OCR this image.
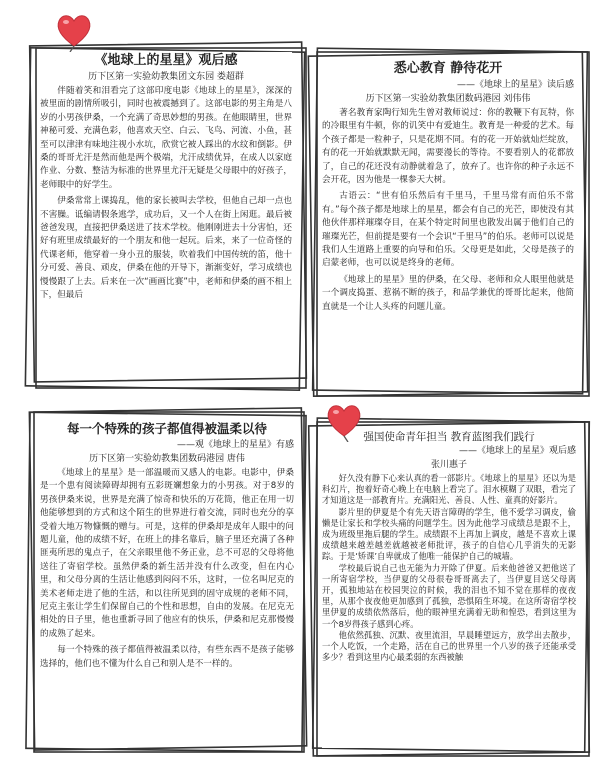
《地球上的星星》观后感

历下区第一实验幼教集团文东园 娄超群

伴随着笑和泪看完了这部印度电影《地球上的星星》，深深的被里面的剧情所吸引，同时也被震撼到了。这部电影的男主角是八岁的小男孩伊桑，一个充满了奇思妙想的男孩。在他眼睛里，世界神秘可爱、充满色彩，他喜欢天空、白云、飞鸟、河流、小鱼，甚至可以津津有味地注视小水坑，欣赏它被人踩出的水纹和倒影。伊桑的哥哥尤汗是然而他是两个极端，尤汗成绩优异，在成人以家庭作业、分数、整洁为标准的世界里尤汗无疑是父母眼中的好孩子，老师眼中的好学生。

伊桑常常上课捣乱，他的家长被叫去学校，但他自己却一点也不害臊。诋编请假条逃学，成功后，又一个人在街上闲逛。最后被爸爸发现，直接把伊桑送进了技术学校。他刚刚进去十分害怕，还好有班里成绩最好的一个朋友和他一起玩。后来，来了一位奇怪的代课老师，他穿着一身小丑的服装，吹着我们中国传统的笛，他十分可爱、善良、顽皮，伊桑在他的开导下，渐渐变好，学习成绩也慢慢跟了上去。后来在一次“画画比赛”中，老师和伊桑的画不相上下，但最后

悉心教育 静待花开

——《地球上的星星》读后感

历下区第一实验幼教集团数码港园 刘伟伟

著名教育家陶行知先生曾对教师说过：你的教鞭下有瓦特，你的冷眼里有牛顿，你的讥笑中有爱迪生。教育是一种爱的艺术。每个孩子都是一粒种子，只是花期不同。有的花一开始就灿烂绽放，有的花一开始就默默无闻，需要漫长的等待。不要看别人的花都放了，自己的花还没有动静就着急了，放弃了。也许你的种子永远不会开花，因为他是一棵参天大树。

古语云：“世有伯乐然后有千里马，千里马常有而伯乐不常有。”每个孩子都是地球上的星星，都会有自己的光芒，即使没有其他伙伴那样璀璨夺目，在某个特定时间里也散发出属于他们自己的璀璨光芒，但前提是要有一个会识“千里马”的伯乐。老师可以说是我们人生道路上重要的向导和伯乐。父母更是如此，父母是孩子的启蒙老师，也可以说是终身的老师。

《地球上的星星》里的伊桑，在父母、老师和众人眼里他就是一个调皮捣蛋、惹祸不断的孩子，和品学兼优的哥哥比起来，他简直就是一个让人头疼的问题儿童。

每一个特殊的孩子都值得被温柔以待

——观《地球上的星星》有感

历下区第一实验幼教集团数码港园 唐伟

《地球上的星星》是一部温暖而又感人的电影。电影中，伊桑是一个患有阅读障碍却拥有五彩斑斓想象力的小男孩。对于8岁的男孩伊桑来说，世界是充满了惊奇和快乐的万花筒，他正在用一切他能够想到的方式和这个陌生的世界进行着交流，同时也充分的享受着大地万物慷慨的赠与。可是，这样的伊桑却是成年人眼中的问题儿童，他的成绩不好，在班上的排名靠后，脑子里还充满了各种匪夷所思的鬼点子，在父亲眼里他不务正业，总不可忍的父母将他送往了寄宿学校。虽然伊桑的新生活并没有什么改变，但在内心里，和父母分离的生活让他感到闷闷不乐，这时，一位名叫尼克的美术老师走进了他的生活，和以往所见到的固守成规的老师不同，尼克主张让学生们保留自己的个性和思想，自由的发展。在尼克无相处的日子里，他也重新寻回了他应有的快乐，伊桑和尼克那慢慢的成熟了起来。

每一个特殊的孩子都值得被温柔以待，有些东西不是孩子能够选择的，他们也不懂为什么自己和别人是不一样的。

强国使命青年担当 教育蓝图我们践行

——《地球上的星星》观后感

张川惠子

好久没有静下心来认真的看一部影片。《地球上的星星》还以为是科幻片，抱着好奇心晚上在电脑上看完了。泪水模糊了双眼，看完了才知道这是一部教育片。充满阳光、善良、人性、童真的好影片。

影片里的伊夏是个有先天语言障碍的学生，他不爱学习调皮，偷懒是让家长和学校头痛的问题学生。因为此他学习成绩总是跟不上，成为班级里拖后腿的学生。成绩跟不上再加上调皮，越是不喜欢上课成绩越来越差越差就越被老师批评，孩子的自信心几乎消失的无影踪。于是‘矫课’自卑就成了他唯一能保护自己的城墙。

学校最后说自己也无能为力开除了伊夏。后来他爸爸又把他送了一所寄宿学校，当伊夏的父母很卷哥哥离去了，当伊夏目送父母离开，孤独地站在校园哭泣的时候，我的泪也不知不觉在那样的夜夜里，从那个夜夜他更加感到了孤独，恐惧陌生环境。在这所寄宿学校里伊夏的成绩依然落后，他的眼神里充满着无助和惶恐，看到这里为一个8岁得孩子感到心疼。

他依然孤独、沉默、夜里流泪，早晨睡望远方，放学出去散步，一个人吃饭，一个走路，活在自己的世界里一个八岁的孩子还能承受多少？看到这里内心最柔弱的东西被触
